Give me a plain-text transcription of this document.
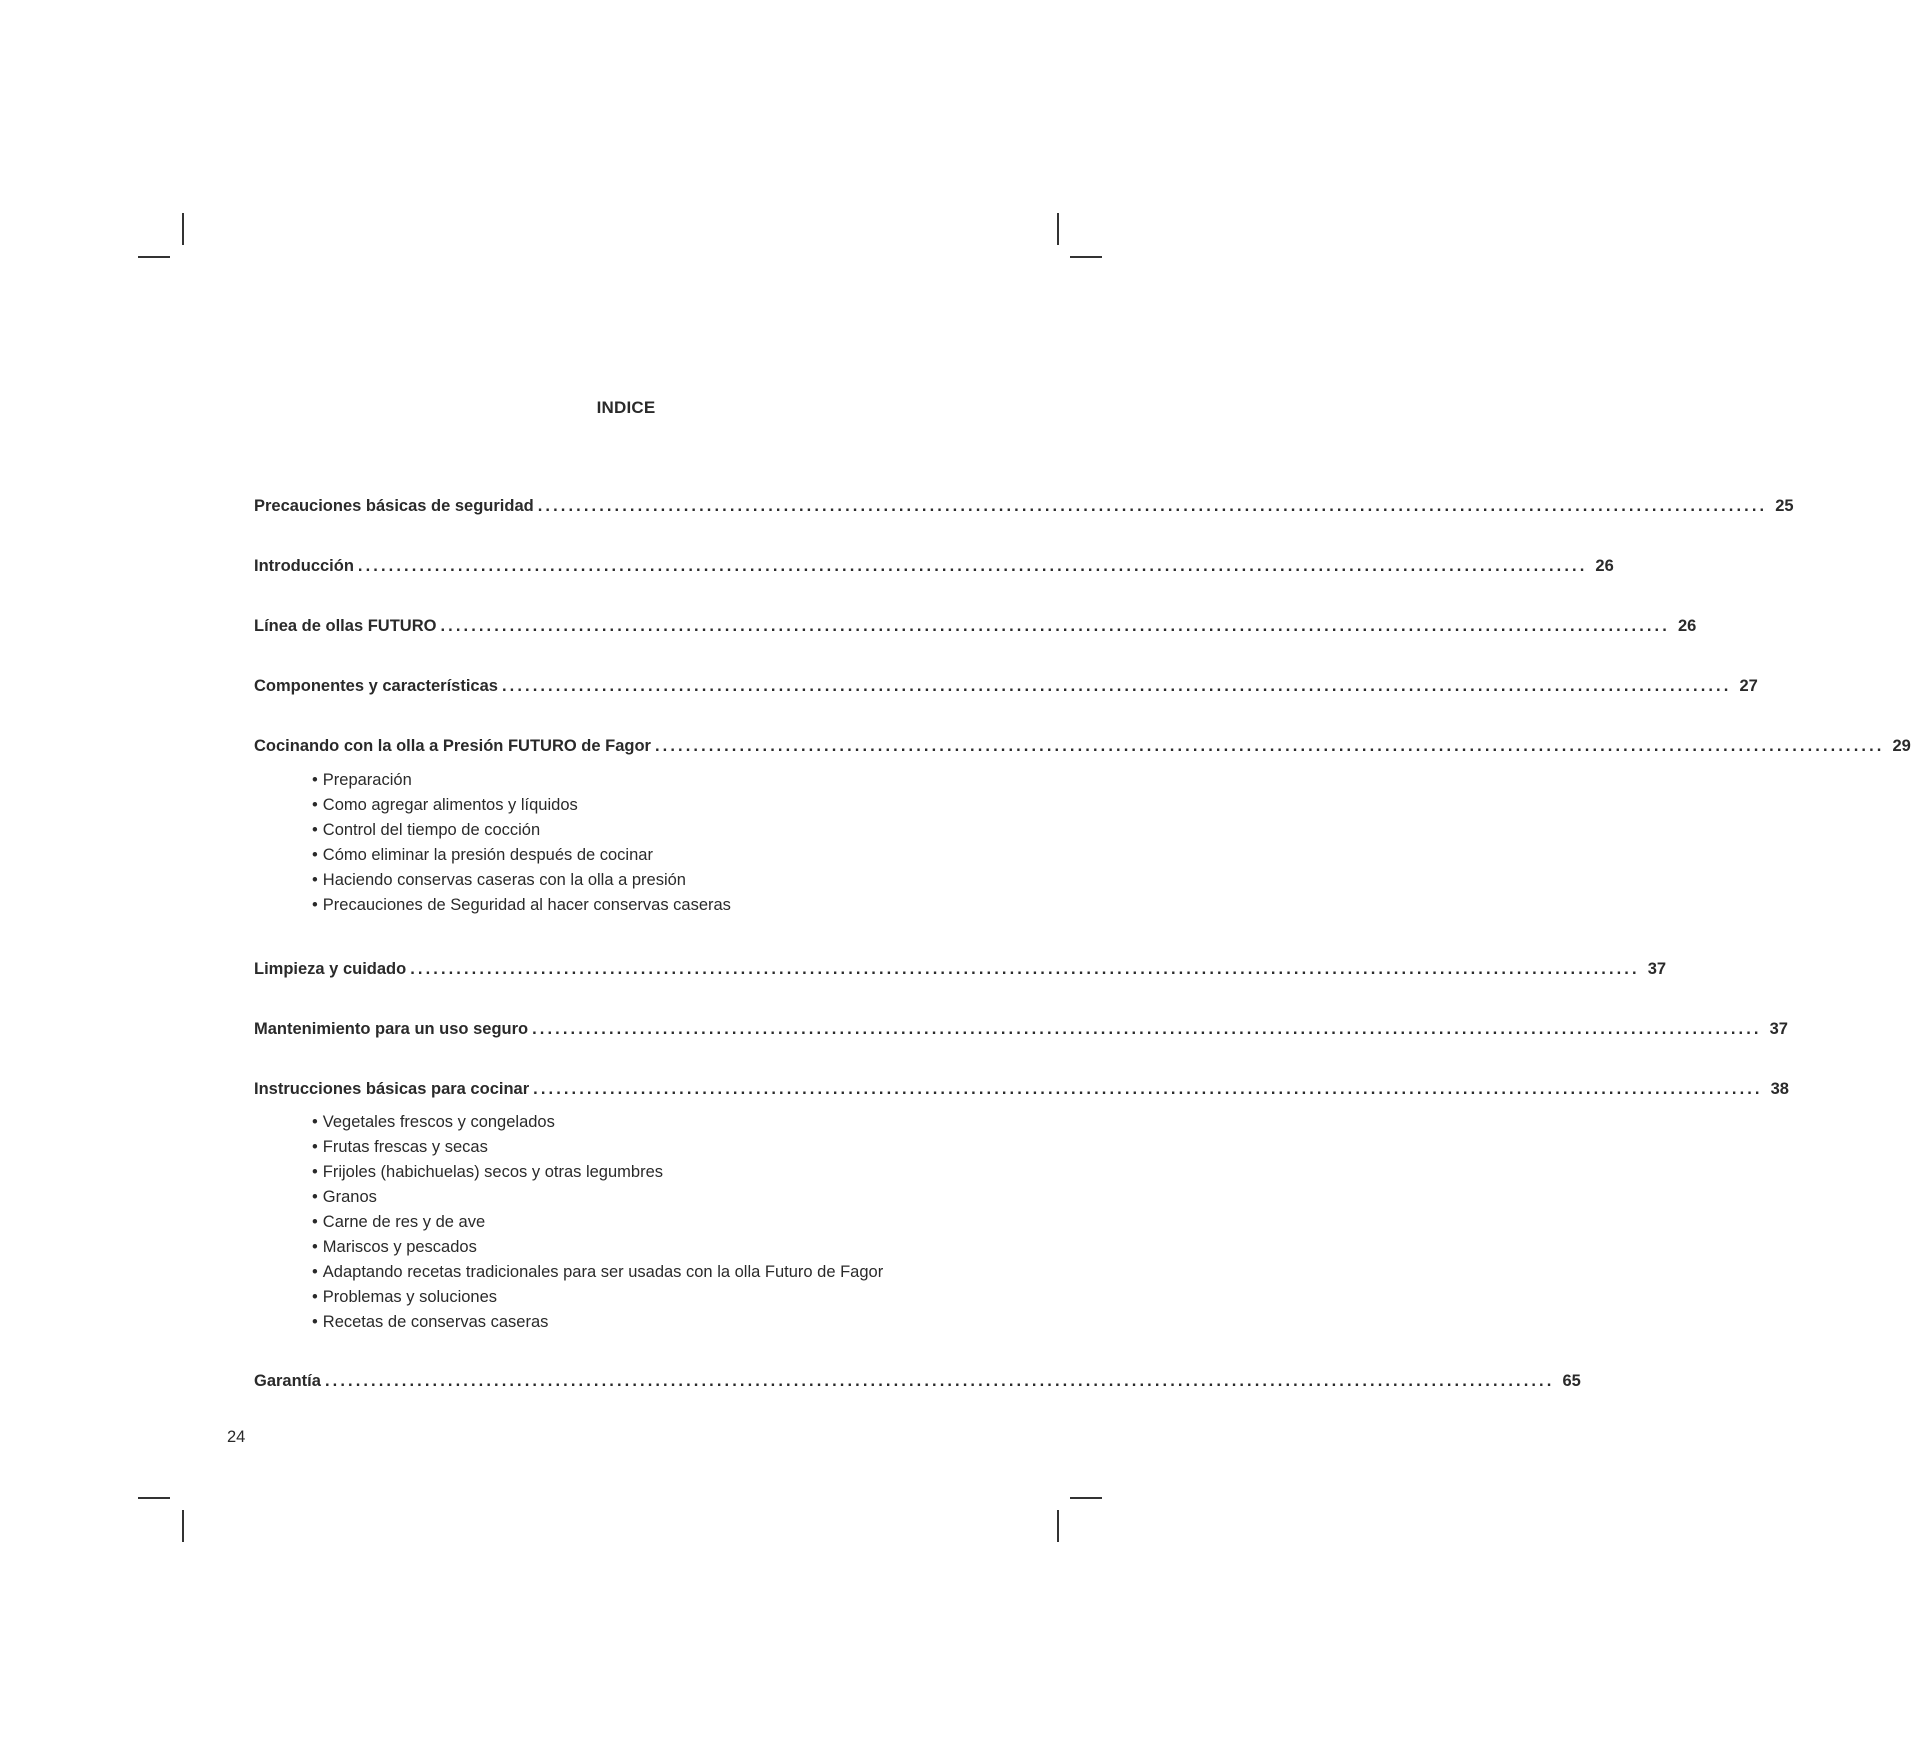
INDICE
Precauciones básicas de seguridad ................................................................................................................................................................ 25
Introducción ................................................................................................................................................................ 26
Línea de ollas FUTURO ................................................................................................................................................................ 26
Componentes y características ................................................................................................................................................................ 27
Cocinando con la olla a Presión FUTURO de Fagor ................................................................................................................................................................ 29
• Preparación
• Como agregar alimentos y líquidos
• Control del tiempo de cocción
• Cómo eliminar la presión después de cocinar
• Haciendo conservas caseras con la olla a presión
• Precauciones de Seguridad al hacer conservas caseras
Limpieza y cuidado ................................................................................................................................................................ 37
Mantenimiento para un uso seguro ................................................................................................................................................................ 37
Instrucciones básicas para cocinar ................................................................................................................................................................ 38
• Vegetales frescos y congelados
• Frutas frescas y secas
• Frijoles (habichuelas) secos y otras legumbres
• Granos
• Carne de res y de ave
• Mariscos y pescados
• Adaptando recetas tradicionales para ser usadas con la olla Futuro de Fagor
• Problemas y soluciones
• Recetas de conservas caseras
Garantía ................................................................................................................................................................ 65
24
